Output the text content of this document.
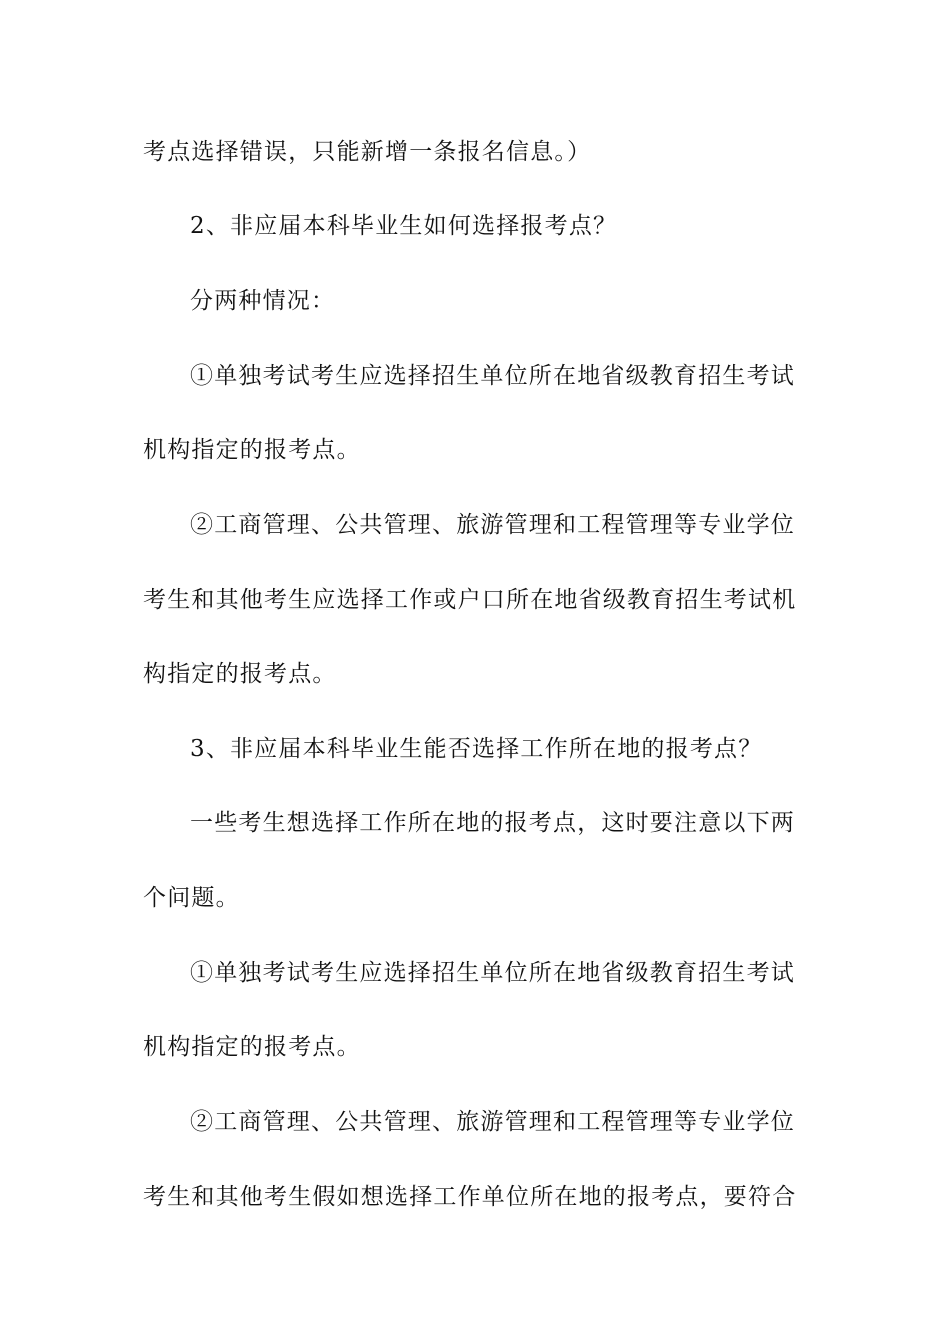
考点选择错误，只能新增一条报名信息。）
2、非应届本科毕业生如何选择报考点？
分两种情况：
①单独考试考生应选择招生单位所在地省级教育招生考试
机构指定的报考点。
②工商管理、公共管理、旅游管理和工程管理等专业学位
考生和其他考生应选择工作或户口所在地省级教育招生考试机
构指定的报考点。
3、非应届本科毕业生能否选择工作所在地的报考点？
一些考生想选择工作所在地的报考点，这时要注意以下两
个问题。
①单独考试考生应选择招生单位所在地省级教育招生考试
机构指定的报考点。
②工商管理、公共管理、旅游管理和工程管理等专业学位
考生和其他考生假如想选择工作单位所在地的报考点，要符合
